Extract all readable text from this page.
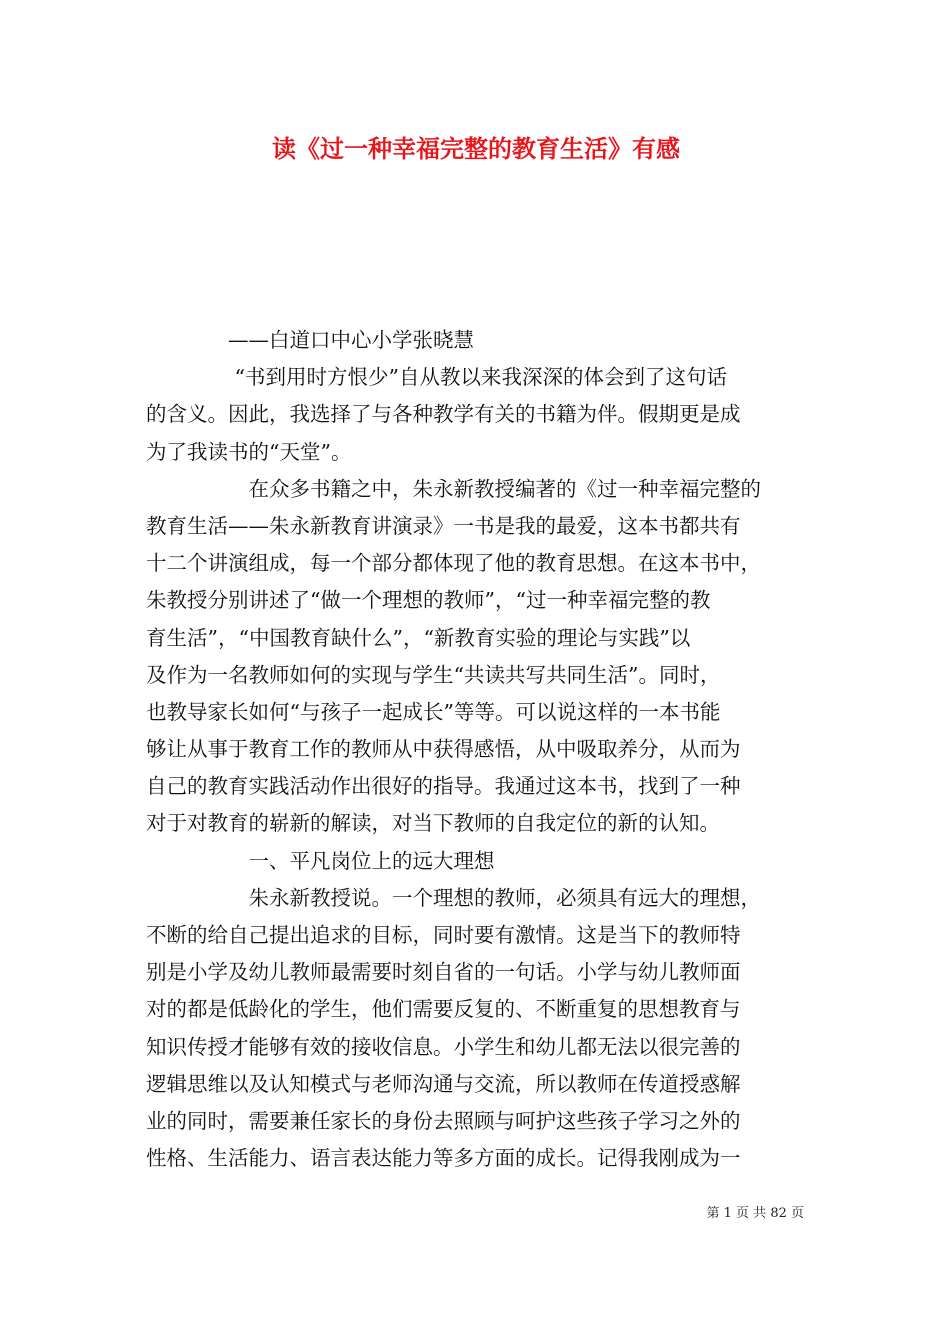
读《过一种幸福完整的教育生活》有感
　　　　——白道口中心小学张晓慧
　　　　 “书到用时方恨少”自从教以来我深深的体会到了这句话
的含义。因此，我选择了与各种教学有关的书籍为伴。假期更是成
为了我读书的“天堂”。
　　　　　在众多书籍之中，朱永新教授编著的《过一种幸福完整的
教育生活——朱永新教育讲演录》一书是我的最爱，这本书都共有
十二个讲演组成，每一个部分都体现了他的教育思想。在这本书中，
朱教授分别讲述了“做一个理想的教师”，“过一种幸福完整的教
育生活”，“中国教育缺什么”，“新教育实验的理论与实践”以
及作为一名教师如何的实现与学生“共读共写共同生活”。同时，
也教导家长如何“与孩子一起成长”等等。可以说这样的一本书能
够让从事于教育工作的教师从中获得感悟，从中吸取养分，从而为
自己的教育实践活动作出很好的指导。我通过这本书，找到了一种
对于对教育的崭新的解读，对当下教师的自我定位的新的认知。
　　　　　一、平凡岗位上的远大理想
　　　　　朱永新教授说。一个理想的教师，必须具有远大的理想，
不断的给自己提出追求的目标，同时要有激情。这是当下的教师特
别是小学及幼儿教师最需要时刻自省的一句话。小学与幼儿教师面
对的都是低龄化的学生，他们需要反复的、不断重复的思想教育与
知识传授才能够有效的接收信息。小学生和幼儿都无法以很完善的
逻辑思维以及认知模式与老师沟通与交流，所以教师在传道授惑解
业的同时，需要兼任家长的身份去照顾与呵护这些孩子学习之外的
性格、生活能力、语言表达能力等多方面的成长。记得我刚成为一
第 1 页 共 82 页
